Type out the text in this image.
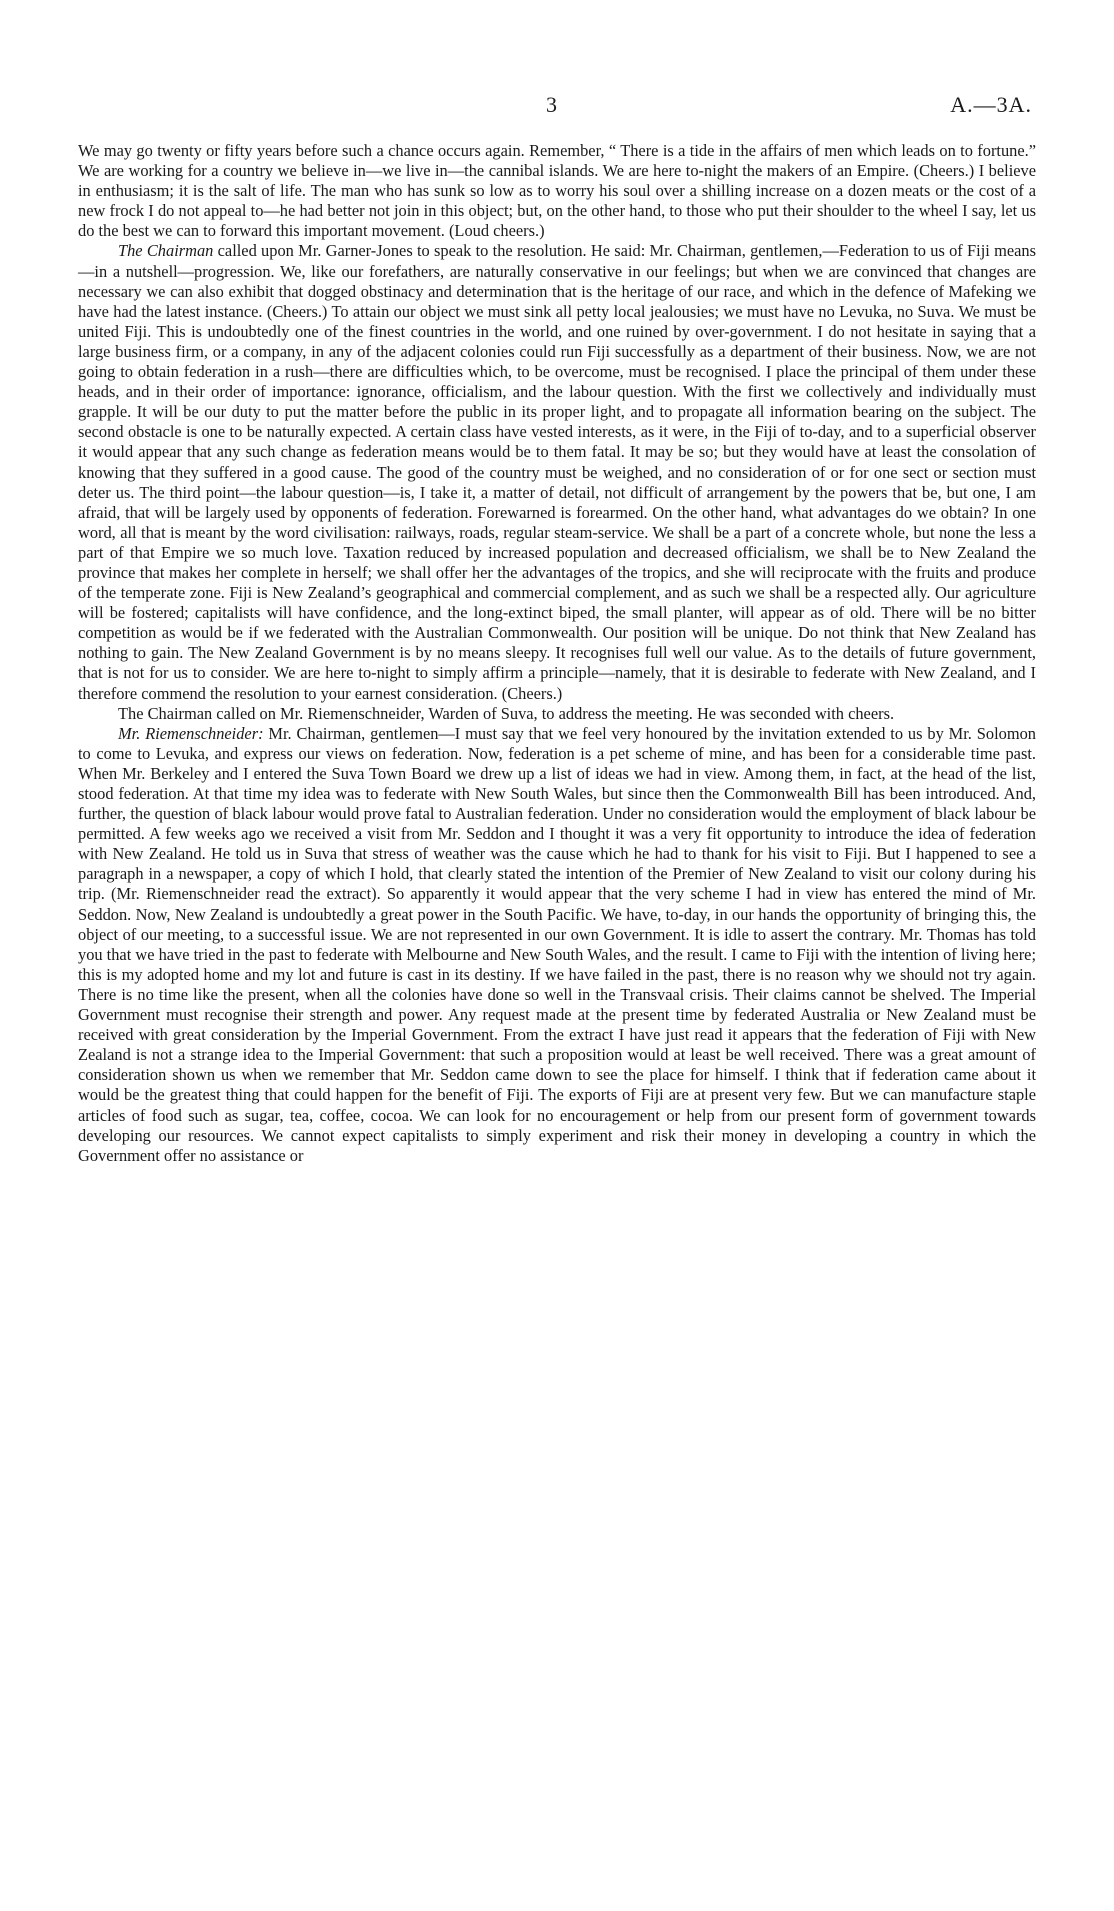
3	A.—3A.

We may go twenty or fifty years before such a chance occurs again. Remember, “ There is a tide in the affairs of men which leads on to fortune.” We are working for a country we believe in—we live in—the cannibal islands. We are here to-night the makers of an Empire. (Cheers.) I believe in enthusiasm; it is the salt of life. The man who has sunk so low as to worry his soul over a shilling increase on a dozen meats or the cost of a new frock I do not appeal to—he had better not join in this object; but, on the other hand, to those who put their shoulder to the wheel I say, let us do the best we can to forward this important movement. (Loud cheers.)

The Chairman called upon Mr. Garner-Jones to speak to the resolution. He said: Mr. Chairman, gentlemen,—Federation to us of Fiji means—in a nutshell—progression. We, like our forefathers, are naturally conservative in our feelings; but when we are convinced that changes are necessary we can also exhibit that dogged obstinacy and determination that is the heritage of our race, and which in the defence of Mafeking we have had the latest instance. (Cheers.) To attain our object we must sink all petty local jealousies; we must have no Levuka, no Suva. We must be united Fiji. This is undoubtedly one of the finest countries in the world, and one ruined by over-government. I do not hesitate in saying that a large business firm, or a company, in any of the adjacent colonies could run Fiji successfully as a department of their business. Now, we are not going to obtain federation in a rush—there are difficulties which, to be overcome, must be recognised. I place the principal of them under these heads, and in their order of importance: ignorance, officialism, and the labour question. With the first we collectively and individually must grapple. It will be our duty to put the matter before the public in its proper light, and to propagate all information bearing on the subject. The second obstacle is one to be naturally expected. A certain class have vested interests, as it were, in the Fiji of to-day, and to a superficial observer it would appear that any such change as federation means would be to them fatal. It may be so; but they would have at least the consolation of knowing that they suffered in a good cause. The good of the country must be weighed, and no consideration of or for one sect or section must deter us. The third point—the labour question—is, I take it, a matter of detail, not difficult of arrangement by the powers that be, but one, I am afraid, that will be largely used by opponents of federation. Forewarned is forearmed. On the other hand, what advantages do we obtain? In one word, all that is meant by the word civilisation: railways, roads, regular steam-service. We shall be a part of a concrete whole, but none the less a part of that Empire we so much love. Taxation reduced by increased population and decreased officialism, we shall be to New Zealand the province that makes her complete in herself; we shall offer her the advantages of the tropics, and she will reciprocate with the fruits and produce of the temperate zone. Fiji is New Zealand’s geographical and commercial complement, and as such we shall be a respected ally. Our agriculture will be fostered; capitalists will have confidence, and the long-extinct biped, the small planter, will appear as of old. There will be no bitter competition as would be if we federated with the Australian Commonwealth. Our position will be unique. Do not think that New Zealand has nothing to gain. The New Zealand Government is by no means sleepy. It recognises full well our value. As to the details of future government, that is not for us to consider. We are here to-night to simply affirm a principle—namely, that it is desirable to federate with New Zealand, and I therefore commend the resolution to your earnest consideration. (Cheers.)

The Chairman called on Mr. Riemenschneider, Warden of Suva, to address the meeting. He was seconded with cheers.

Mr. Riemenschneider: Mr. Chairman, gentlemen—I must say that we feel very honoured by the invitation extended to us by Mr. Solomon to come to Levuka, and express our views on federation. Now, federation is a pet scheme of mine, and has been for a considerable time past. When Mr. Berkeley and I entered the Suva Town Board we drew up a list of ideas we had in view. Among them, in fact, at the head of the list, stood federation. At that time my idea was to federate with New South Wales, but since then the Commonwealth Bill has been introduced. And, further, the question of black labour would prove fatal to Australian federation. Under no consideration would the employment of black labour be permitted. A few weeks ago we received a visit from Mr. Seddon and I thought it was a very fit opportunity to introduce the idea of federation with New Zealand. He told us in Suva that stress of weather was the cause which he had to thank for his visit to Fiji. But I happened to see a paragraph in a newspaper, a copy of which I hold, that clearly stated the intention of the Premier of New Zealand to visit our colony during his trip. (Mr. Riemenschneider read the extract). So apparently it would appear that the very scheme I had in view has entered the mind of Mr. Seddon. Now, New Zealand is undoubtedly a great power in the South Pacific. We have, to-day, in our hands the opportunity of bringing this, the object of our meeting, to a successful issue. We are not represented in our own Government. It is idle to assert the contrary. Mr. Thomas has told you that we have tried in the past to federate with Melbourne and New South Wales, and the result. I came to Fiji with the intention of living here; this is my adopted home and my lot and future is cast in its destiny. If we have failed in the past, there is no reason why we should not try again. There is no time like the present, when all the colonies have done so well in the Transvaal crisis. Their claims cannot be shelved. The Imperial Government must recognise their strength and power. Any request made at the present time by federated Australia or New Zealand must be received with great consideration by the Imperial Government. From the extract I have just read it appears that the federation of Fiji with New Zealand is not a strange idea to the Imperial Government: that such a proposition would at least be well received. There was a great amount of consideration shown us when we remember that Mr. Seddon came down to see the place for himself. I think that if federation came about it would be the greatest thing that could happen for the benefit of Fiji. The exports of Fiji are at present very few. But we can manufacture staple articles of food such as sugar, tea, coffee, cocoa. We can look for no encouragement or help from our present form of government towards developing our resources. We cannot expect capitalists to simply experiment and risk their money in developing a country in which the Government offer no assistance or
